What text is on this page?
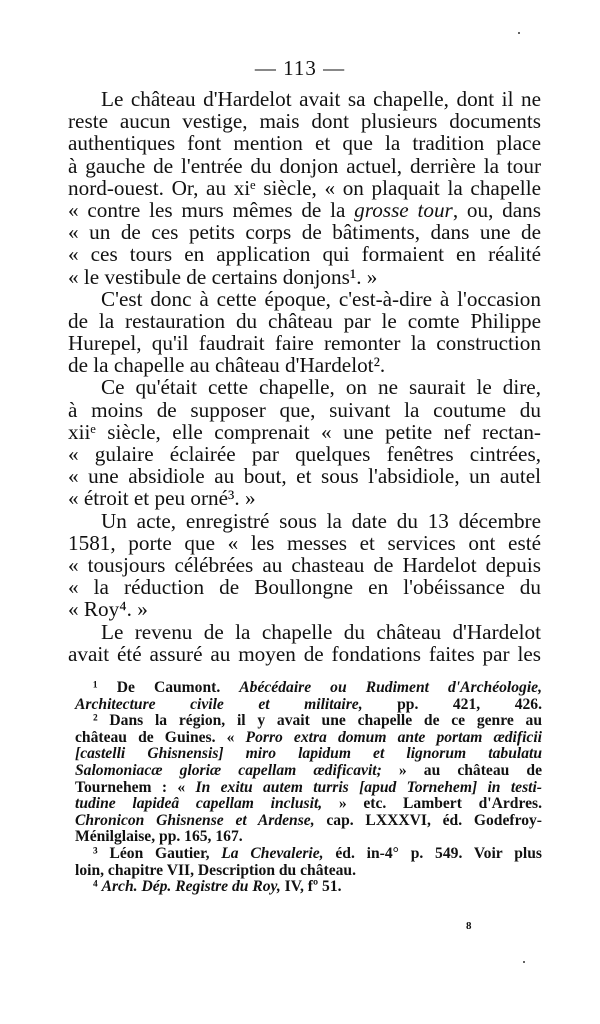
— 113 —
Le château d'Hardelot avait sa chapelle, dont il ne
reste aucun vestige, mais dont plusieurs documents
authentiques font mention et que la tradition place
à gauche de l'entrée du donjon actuel, derrière la tour
nord-ouest. Or, au xiᵉ siècle, « on plaquait la chapelle
« contre les murs mêmes de la grosse tour, ou, dans
« un de ces petits corps de bâtiments, dans une de
« ces tours en application qui formaient en réalité
« le vestibule de certains donjons¹. »
C'est donc à cette époque, c'est-à-dire à l'occasion
de la restauration du château par le comte Philippe
Hurepel, qu'il faudrait faire remonter la construction
de la chapelle au château d'Hardelot².
Ce qu'était cette chapelle, on ne saurait le dire,
à moins de supposer que, suivant la coutume du
xiiᵉ siècle, elle comprenait « une petite nef rectan-
« gulaire éclairée par quelques fenêtres cintrées,
« une absidiole au bout, et sous l'absidiole, un autel
« étroit et peu orné³. »
Un acte, enregistré sous la date du 13 décembre
1581, porte que « les messes et services ont esté
« tousjours célébrées au chasteau de Hardelot depuis
« la réduction de Boullongne en l'obéissance du
« Roy⁴. »
Le revenu de la chapelle du château d'Hardelot
avait été assuré au moyen de fondations faites par les
¹ De Caumont. Abécédaire ou Rudiment d'Archéologie,
Architecture civile et militaire, pp. 421, 426.
² Dans la région, il y avait une chapelle de ce genre au
château de Guines. « Porro extra domum ante portam ædificii
[castelli Ghisnensis] miro lapidum et lignorum tabulatu
Salomoniacæ gloriæ capellam ædificavit; » au château de
Tournehem : « In exitu autem turris [apud Tornehem] in testi-
tudine lapideâ capellam inclusit, » etc. Lambert d'Ardres.
Chronicon Ghisnense et Ardense, cap. LXXXVI, éd. Godefroy-
Ménilglaise, pp. 165, 167.
³ Léon Gautier, La Chevalerie, éd. in-4° p. 549. Voir plus
loin, chapitre VII, Description du château.
⁴ Arch. Dép. Registre du Roy, IV, fº 51.
8
